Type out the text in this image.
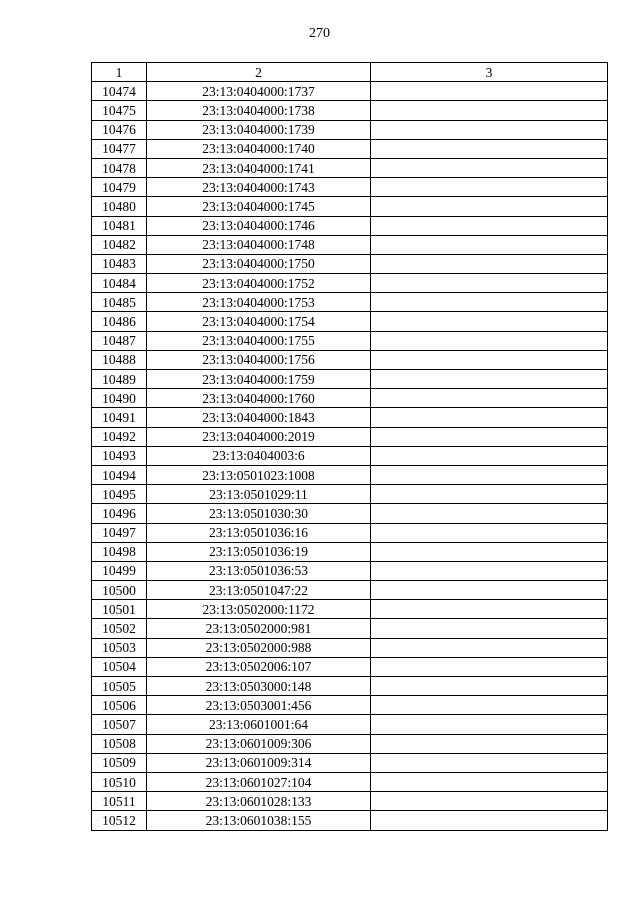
270
1	2	3
10474	23:13:0404000:1737	
10475	23:13:0404000:1738	
10476	23:13:0404000:1739	
10477	23:13:0404000:1740	
10478	23:13:0404000:1741	
10479	23:13:0404000:1743	
10480	23:13:0404000:1745	
10481	23:13:0404000:1746	
10482	23:13:0404000:1748	
10483	23:13:0404000:1750	
10484	23:13:0404000:1752	
10485	23:13:0404000:1753	
10486	23:13:0404000:1754	
10487	23:13:0404000:1755	
10488	23:13:0404000:1756	
10489	23:13:0404000:1759	
10490	23:13:0404000:1760	
10491	23:13:0404000:1843	
10492	23:13:0404000:2019	
10493	23:13:0404003:6	
10494	23:13:0501023:1008	
10495	23:13:0501029:11	
10496	23:13:0501030:30	
10497	23:13:0501036:16	
10498	23:13:0501036:19	
10499	23:13:0501036:53	
10500	23:13:0501047:22	
10501	23:13:0502000:1172	
10502	23:13:0502000:981	
10503	23:13:0502000:988	
10504	23:13:0502006:107	
10505	23:13:0503000:148	
10506	23:13:0503001:456	
10507	23:13:0601001:64	
10508	23:13:0601009:306	
10509	23:13:0601009:314	
10510	23:13:0601027:104	
10511	23:13:0601028:133	
10512	23:13:0601038:155	
